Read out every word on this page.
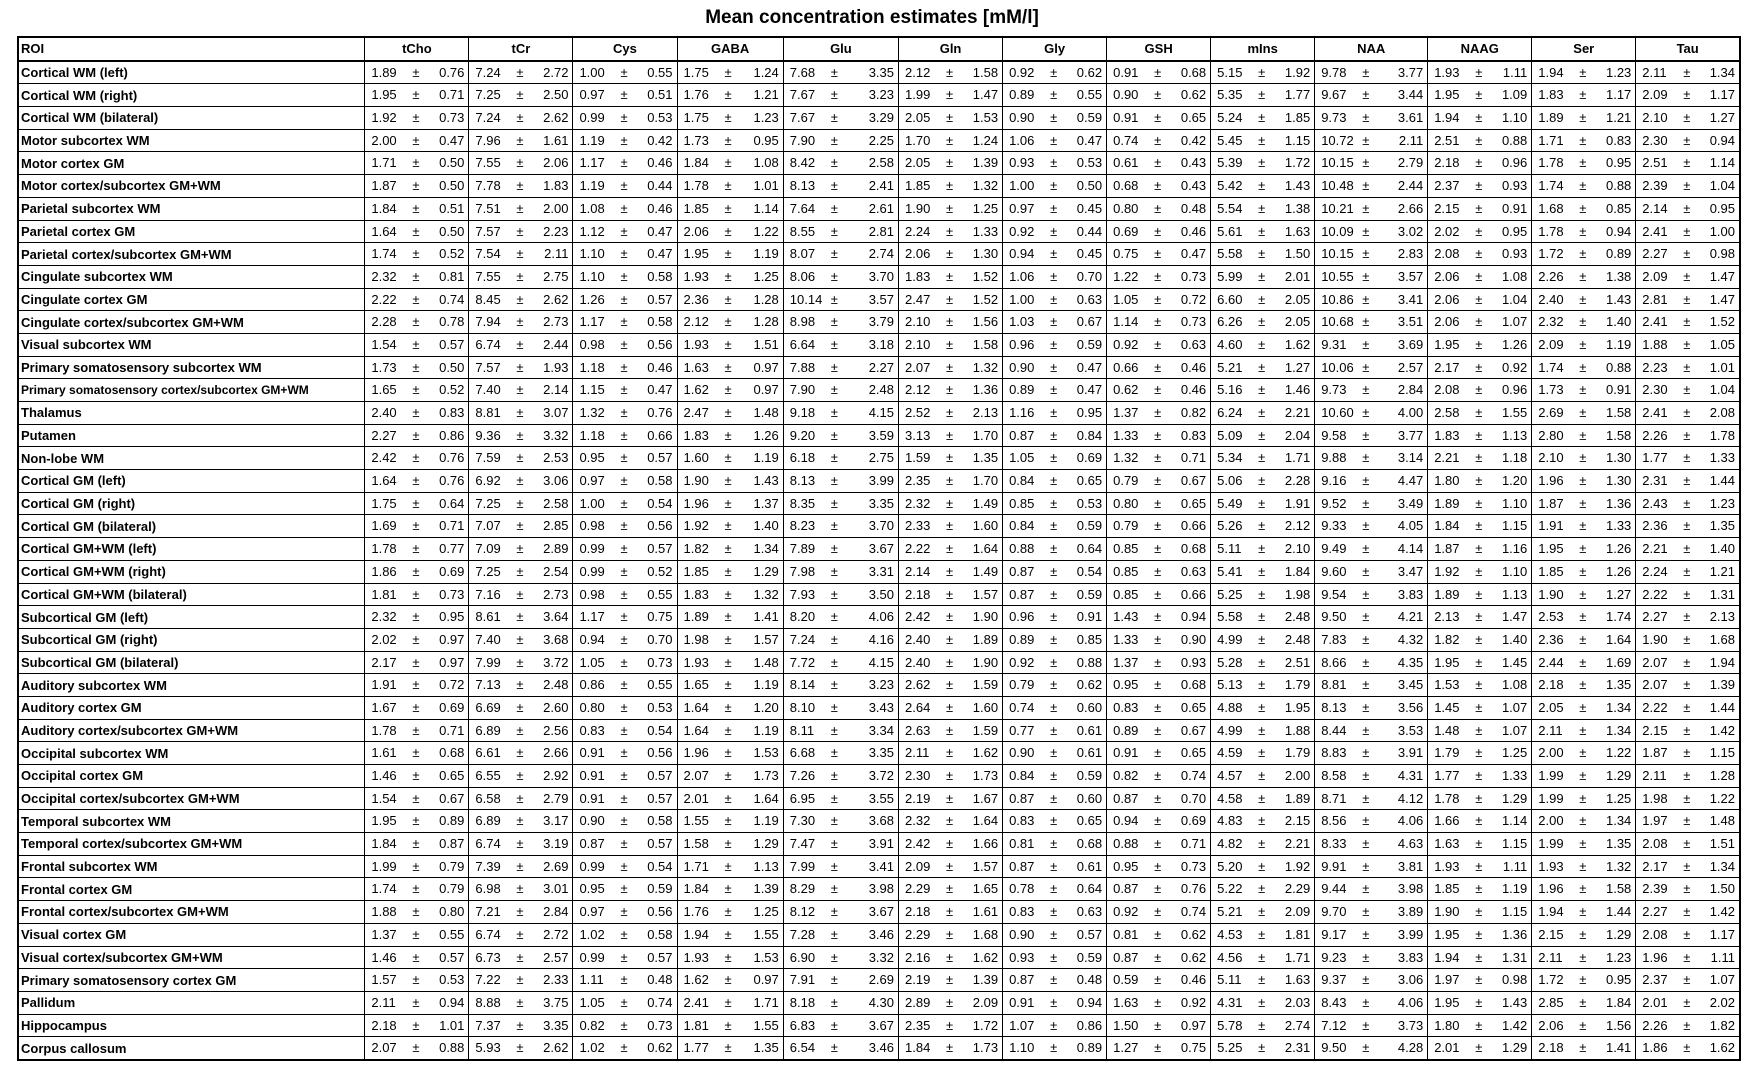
Mean concentration estimates [mM/l]
ROI	tCho	tCr	Cys	GABA	Glu	Gln	Gly	GSH	mIns	NAA	NAAG	Ser	Tau
Cortical WM (left)	1.89 ± 0.76	7.24 ± 2.72	1.00 ± 0.55	1.75 ± 1.24	7.68 ± 3.35	2.12 ± 1.58	0.92 ± 0.62	0.91 ± 0.68	5.15 ± 1.92	9.78 ± 3.77	1.93 ± 1.11	1.94 ± 1.23	2.11 ± 1.34

Cortical WM (right)	1.95 ± 0.71	7.25 ± 2.50	0.97 ± 0.51	1.76 ± 1.21	7.67 ± 3.23	1.99 ± 1.47	0.89 ± 0.55	0.90 ± 0.62	5.35 ± 1.77	9.67 ± 3.44	1.95 ± 1.09	1.83 ± 1.17	2.09 ± 1.17

Cortical WM (bilateral)	1.92 ± 0.73	7.24 ± 2.62	0.99 ± 0.53	1.75 ± 1.23	7.67 ± 3.29	2.05 ± 1.53	0.90 ± 0.59	0.91 ± 0.65	5.24 ± 1.85	9.73 ± 3.61	1.94 ± 1.10	1.89 ± 1.21	2.10 ± 1.27

Motor subcortex WM	2.00 ± 0.47	7.96 ± 1.61	1.19 ± 0.42	1.73 ± 0.95	7.90 ± 2.25	1.70 ± 1.24	1.06 ± 0.47	0.74 ± 0.42	5.45 ± 1.15	10.72 ± 2.11	2.51 ± 0.88	1.71 ± 0.83	2.30 ± 0.94

Motor cortex GM	1.71 ± 0.50	7.55 ± 2.06	1.17 ± 0.46	1.84 ± 1.08	8.42 ± 2.58	2.05 ± 1.39	0.93 ± 0.53	0.61 ± 0.43	5.39 ± 1.72	10.15 ± 2.79	2.18 ± 0.96	1.78 ± 0.95	2.51 ± 1.14

Motor cortex/subcortex GM+WM	1.87 ± 0.50	7.78 ± 1.83	1.19 ± 0.44	1.78 ± 1.01	8.13 ± 2.41	1.85 ± 1.32	1.00 ± 0.50	0.68 ± 0.43	5.42 ± 1.43	10.48 ± 2.44	2.37 ± 0.93	1.74 ± 0.88	2.39 ± 1.04

Parietal subcortex WM	1.84 ± 0.51	7.51 ± 2.00	1.08 ± 0.46	1.85 ± 1.14	7.64 ± 2.61	1.90 ± 1.25	0.97 ± 0.45	0.80 ± 0.48	5.54 ± 1.38	10.21 ± 2.66	2.15 ± 0.91	1.68 ± 0.85	2.14 ± 0.95

Parietal cortex GM	1.64 ± 0.50	7.57 ± 2.23	1.12 ± 0.47	2.06 ± 1.22	8.55 ± 2.81	2.24 ± 1.33	0.92 ± 0.44	0.69 ± 0.46	5.61 ± 1.63	10.09 ± 3.02	2.02 ± 0.95	1.78 ± 0.94	2.41 ± 1.00

Parietal cortex/subcortex GM+WM	1.74 ± 0.52	7.54 ± 2.11	1.10 ± 0.47	1.95 ± 1.19	8.07 ± 2.74	2.06 ± 1.30	0.94 ± 0.45	0.75 ± 0.47	5.58 ± 1.50	10.15 ± 2.83	2.08 ± 0.93	1.72 ± 0.89	2.27 ± 0.98

Cingulate subcortex WM	2.32 ± 0.81	7.55 ± 2.75	1.10 ± 0.58	1.93 ± 1.25	8.06 ± 3.70	1.83 ± 1.52	1.06 ± 0.70	1.22 ± 0.73	5.99 ± 2.01	10.55 ± 3.57	2.06 ± 1.08	2.26 ± 1.38	2.09 ± 1.47

Cingulate cortex GM	2.22 ± 0.74	8.45 ± 2.62	1.26 ± 0.57	2.36 ± 1.28	10.14 ± 3.57	2.47 ± 1.52	1.00 ± 0.63	1.05 ± 0.72	6.60 ± 2.05	10.86 ± 3.41	2.06 ± 1.04	2.40 ± 1.43	2.81 ± 1.47

Cingulate cortex/subcortex GM+WM	2.28 ± 0.78	7.94 ± 2.73	1.17 ± 0.58	2.12 ± 1.28	8.98 ± 3.79	2.10 ± 1.56	1.03 ± 0.67	1.14 ± 0.73	6.26 ± 2.05	10.68 ± 3.51	2.06 ± 1.07	2.32 ± 1.40	2.41 ± 1.52

Visual subcortex WM	1.54 ± 0.57	6.74 ± 2.44	0.98 ± 0.56	1.93 ± 1.51	6.64 ± 3.18	2.10 ± 1.58	0.96 ± 0.59	0.92 ± 0.63	4.60 ± 1.62	9.31 ± 3.69	1.95 ± 1.26	2.09 ± 1.19	1.88 ± 1.05

Primary somatosensory subcortex WM	1.73 ± 0.50	7.57 ± 1.93	1.18 ± 0.46	1.63 ± 0.97	7.88 ± 2.27	2.07 ± 1.32	0.90 ± 0.47	0.66 ± 0.46	5.21 ± 1.27	10.06 ± 2.57	2.17 ± 0.92	1.74 ± 0.88	2.23 ± 1.01

Primary somatosensory cortex/subcortex GM+WM	1.65 ± 0.52	7.40 ± 2.14	1.15 ± 0.47	1.62 ± 0.97	7.90 ± 2.48	2.12 ± 1.36	0.89 ± 0.47	0.62 ± 0.46	5.16 ± 1.46	9.73 ± 2.84	2.08 ± 0.96	1.73 ± 0.91	2.30 ± 1.04

Thalamus	2.40 ± 0.83	8.81 ± 3.07	1.32 ± 0.76	2.47 ± 1.48	9.18 ± 4.15	2.52 ± 2.13	1.16 ± 0.95	1.37 ± 0.82	6.24 ± 2.21	10.60 ± 4.00	2.58 ± 1.55	2.69 ± 1.58	2.41 ± 2.08

Putamen	2.27 ± 0.86	9.36 ± 3.32	1.18 ± 0.66	1.83 ± 1.26	9.20 ± 3.59	3.13 ± 1.70	0.87 ± 0.84	1.33 ± 0.83	5.09 ± 2.04	9.58 ± 3.77	1.83 ± 1.13	2.80 ± 1.58	2.26 ± 1.78

Non-lobe WM	2.42 ± 0.76	7.59 ± 2.53	0.95 ± 0.57	1.60 ± 1.19	6.18 ± 2.75	1.59 ± 1.35	1.05 ± 0.69	1.32 ± 0.71	5.34 ± 1.71	9.88 ± 3.14	2.21 ± 1.18	2.10 ± 1.30	1.77 ± 1.33

Cortical GM (left)	1.64 ± 0.76	6.92 ± 3.06	0.97 ± 0.58	1.90 ± 1.43	8.13 ± 3.99	2.35 ± 1.70	0.84 ± 0.65	0.79 ± 0.67	5.06 ± 2.28	9.16 ± 4.47	1.80 ± 1.20	1.96 ± 1.30	2.31 ± 1.44

Cortical GM (right)	1.75 ± 0.64	7.25 ± 2.58	1.00 ± 0.54	1.96 ± 1.37	8.35 ± 3.35	2.32 ± 1.49	0.85 ± 0.53	0.80 ± 0.65	5.49 ± 1.91	9.52 ± 3.49	1.89 ± 1.10	1.87 ± 1.36	2.43 ± 1.23

Cortical GM (bilateral)	1.69 ± 0.71	7.07 ± 2.85	0.98 ± 0.56	1.92 ± 1.40	8.23 ± 3.70	2.33 ± 1.60	0.84 ± 0.59	0.79 ± 0.66	5.26 ± 2.12	9.33 ± 4.05	1.84 ± 1.15	1.91 ± 1.33	2.36 ± 1.35

Cortical GM+WM (left)	1.78 ± 0.77	7.09 ± 2.89	0.99 ± 0.57	1.82 ± 1.34	7.89 ± 3.67	2.22 ± 1.64	0.88 ± 0.64	0.85 ± 0.68	5.11 ± 2.10	9.49 ± 4.14	1.87 ± 1.16	1.95 ± 1.26	2.21 ± 1.40

Cortical GM+WM (right)	1.86 ± 0.69	7.25 ± 2.54	0.99 ± 0.52	1.85 ± 1.29	7.98 ± 3.31	2.14 ± 1.49	0.87 ± 0.54	0.85 ± 0.63	5.41 ± 1.84	9.60 ± 3.47	1.92 ± 1.10	1.85 ± 1.26	2.24 ± 1.21

Cortical GM+WM (bilateral)	1.81 ± 0.73	7.16 ± 2.73	0.98 ± 0.55	1.83 ± 1.32	7.93 ± 3.50	2.18 ± 1.57	0.87 ± 0.59	0.85 ± 0.66	5.25 ± 1.98	9.54 ± 3.83	1.89 ± 1.13	1.90 ± 1.27	2.22 ± 1.31

Subcortical GM (left)	2.32 ± 0.95	8.61 ± 3.64	1.17 ± 0.75	1.89 ± 1.41	8.20 ± 4.06	2.42 ± 1.90	0.96 ± 0.91	1.43 ± 0.94	5.58 ± 2.48	9.50 ± 4.21	2.13 ± 1.47	2.53 ± 1.74	2.27 ± 2.13

Subcortical GM (right)	2.02 ± 0.97	7.40 ± 3.68	0.94 ± 0.70	1.98 ± 1.57	7.24 ± 4.16	2.40 ± 1.89	0.89 ± 0.85	1.33 ± 0.90	4.99 ± 2.48	7.83 ± 4.32	1.82 ± 1.40	2.36 ± 1.64	1.90 ± 1.68

Subcortical GM (bilateral)	2.17 ± 0.97	7.99 ± 3.72	1.05 ± 0.73	1.93 ± 1.48	7.72 ± 4.15	2.40 ± 1.90	0.92 ± 0.88	1.37 ± 0.93	5.28 ± 2.51	8.66 ± 4.35	1.95 ± 1.45	2.44 ± 1.69	2.07 ± 1.94

Auditory subcortex WM	1.91 ± 0.72	7.13 ± 2.48	0.86 ± 0.55	1.65 ± 1.19	8.14 ± 3.23	2.62 ± 1.59	0.79 ± 0.62	0.95 ± 0.68	5.13 ± 1.79	8.81 ± 3.45	1.53 ± 1.08	2.18 ± 1.35	2.07 ± 1.39

Auditory cortex GM	1.67 ± 0.69	6.69 ± 2.60	0.80 ± 0.53	1.64 ± 1.20	8.10 ± 3.43	2.64 ± 1.60	0.74 ± 0.60	0.83 ± 0.65	4.88 ± 1.95	8.13 ± 3.56	1.45 ± 1.07	2.05 ± 1.34	2.22 ± 1.44

Auditory cortex/subcortex GM+WM	1.78 ± 0.71	6.89 ± 2.56	0.83 ± 0.54	1.64 ± 1.19	8.11 ± 3.34	2.63 ± 1.59	0.77 ± 0.61	0.89 ± 0.67	4.99 ± 1.88	8.44 ± 3.53	1.48 ± 1.07	2.11 ± 1.34	2.15 ± 1.42

Occipital subcortex WM	1.61 ± 0.68	6.61 ± 2.66	0.91 ± 0.56	1.96 ± 1.53	6.68 ± 3.35	2.11 ± 1.62	0.90 ± 0.61	0.91 ± 0.65	4.59 ± 1.79	8.83 ± 3.91	1.79 ± 1.25	2.00 ± 1.22	1.87 ± 1.15

Occipital cortex GM	1.46 ± 0.65	6.55 ± 2.92	0.91 ± 0.57	2.07 ± 1.73	7.26 ± 3.72	2.30 ± 1.73	0.84 ± 0.59	0.82 ± 0.74	4.57 ± 2.00	8.58 ± 4.31	1.77 ± 1.33	1.99 ± 1.29	2.11 ± 1.28

Occipital cortex/subcortex GM+WM	1.54 ± 0.67	6.58 ± 2.79	0.91 ± 0.57	2.01 ± 1.64	6.95 ± 3.55	2.19 ± 1.67	0.87 ± 0.60	0.87 ± 0.70	4.58 ± 1.89	8.71 ± 4.12	1.78 ± 1.29	1.99 ± 1.25	1.98 ± 1.22

Temporal subcortex WM	1.95 ± 0.89	6.89 ± 3.17	0.90 ± 0.58	1.55 ± 1.19	7.30 ± 3.68	2.32 ± 1.64	0.83 ± 0.65	0.94 ± 0.69	4.83 ± 2.15	8.56 ± 4.06	1.66 ± 1.14	2.00 ± 1.34	1.97 ± 1.48

Temporal cortex/subcortex GM+WM	1.84 ± 0.87	6.74 ± 3.19	0.87 ± 0.57	1.58 ± 1.29	7.47 ± 3.91	2.42 ± 1.66	0.81 ± 0.68	0.88 ± 0.71	4.82 ± 2.21	8.33 ± 4.63	1.63 ± 1.15	1.99 ± 1.35	2.08 ± 1.51

Frontal subcortex WM	1.99 ± 0.79	7.39 ± 2.69	0.99 ± 0.54	1.71 ± 1.13	7.99 ± 3.41	2.09 ± 1.57	0.87 ± 0.61	0.95 ± 0.73	5.20 ± 1.92	9.91 ± 3.81	1.93 ± 1.11	1.93 ± 1.32	2.17 ± 1.34

Frontal cortex GM	1.74 ± 0.79	6.98 ± 3.01	0.95 ± 0.59	1.84 ± 1.39	8.29 ± 3.98	2.29 ± 1.65	0.78 ± 0.64	0.87 ± 0.76	5.22 ± 2.29	9.44 ± 3.98	1.85 ± 1.19	1.96 ± 1.58	2.39 ± 1.50

Frontal cortex/subcortex GM+WM	1.88 ± 0.80	7.21 ± 2.84	0.97 ± 0.56	1.76 ± 1.25	8.12 ± 3.67	2.18 ± 1.61	0.83 ± 0.63	0.92 ± 0.74	5.21 ± 2.09	9.70 ± 3.89	1.90 ± 1.15	1.94 ± 1.44	2.27 ± 1.42

Visual cortex GM	1.37 ± 0.55	6.74 ± 2.72	1.02 ± 0.58	1.94 ± 1.55	7.28 ± 3.46	2.29 ± 1.68	0.90 ± 0.57	0.81 ± 0.62	4.53 ± 1.81	9.17 ± 3.99	1.95 ± 1.36	2.15 ± 1.29	2.08 ± 1.17

Visual cortex/subcortex GM+WM	1.46 ± 0.57	6.73 ± 2.57	0.99 ± 0.57	1.93 ± 1.53	6.90 ± 3.32	2.16 ± 1.62	0.93 ± 0.59	0.87 ± 0.62	4.56 ± 1.71	9.23 ± 3.83	1.94 ± 1.31	2.11 ± 1.23	1.96 ± 1.11

Primary somatosensory cortex GM	1.57 ± 0.53	7.22 ± 2.33	1.11 ± 0.48	1.62 ± 0.97	7.91 ± 2.69	2.19 ± 1.39	0.87 ± 0.48	0.59 ± 0.46	5.11 ± 1.63	9.37 ± 3.06	1.97 ± 0.98	1.72 ± 0.95	2.37 ± 1.07

Pallidum	2.11 ± 0.94	8.88 ± 3.75	1.05 ± 0.74	2.41 ± 1.71	8.18 ± 4.30	2.89 ± 2.09	0.91 ± 0.94	1.63 ± 0.92	4.31 ± 2.03	8.43 ± 4.06	1.95 ± 1.43	2.85 ± 1.84	2.01 ± 2.02

Hippocampus	2.18 ± 1.01	7.37 ± 3.35	0.82 ± 0.73	1.81 ± 1.55	6.83 ± 3.67	2.35 ± 1.72	1.07 ± 0.86	1.50 ± 0.97	5.78 ± 2.74	7.12 ± 3.73	1.80 ± 1.42	2.06 ± 1.56	2.26 ± 1.82

Corpus callosum	2.07 ± 0.88	5.93 ± 2.62	1.02 ± 0.62	1.77 ± 1.35	6.54 ± 3.46	1.84 ± 1.73	1.10 ± 0.89	1.27 ± 0.75	5.25 ± 2.31	9.50 ± 4.28	2.01 ± 1.29	2.18 ± 1.41	1.86 ± 1.62
